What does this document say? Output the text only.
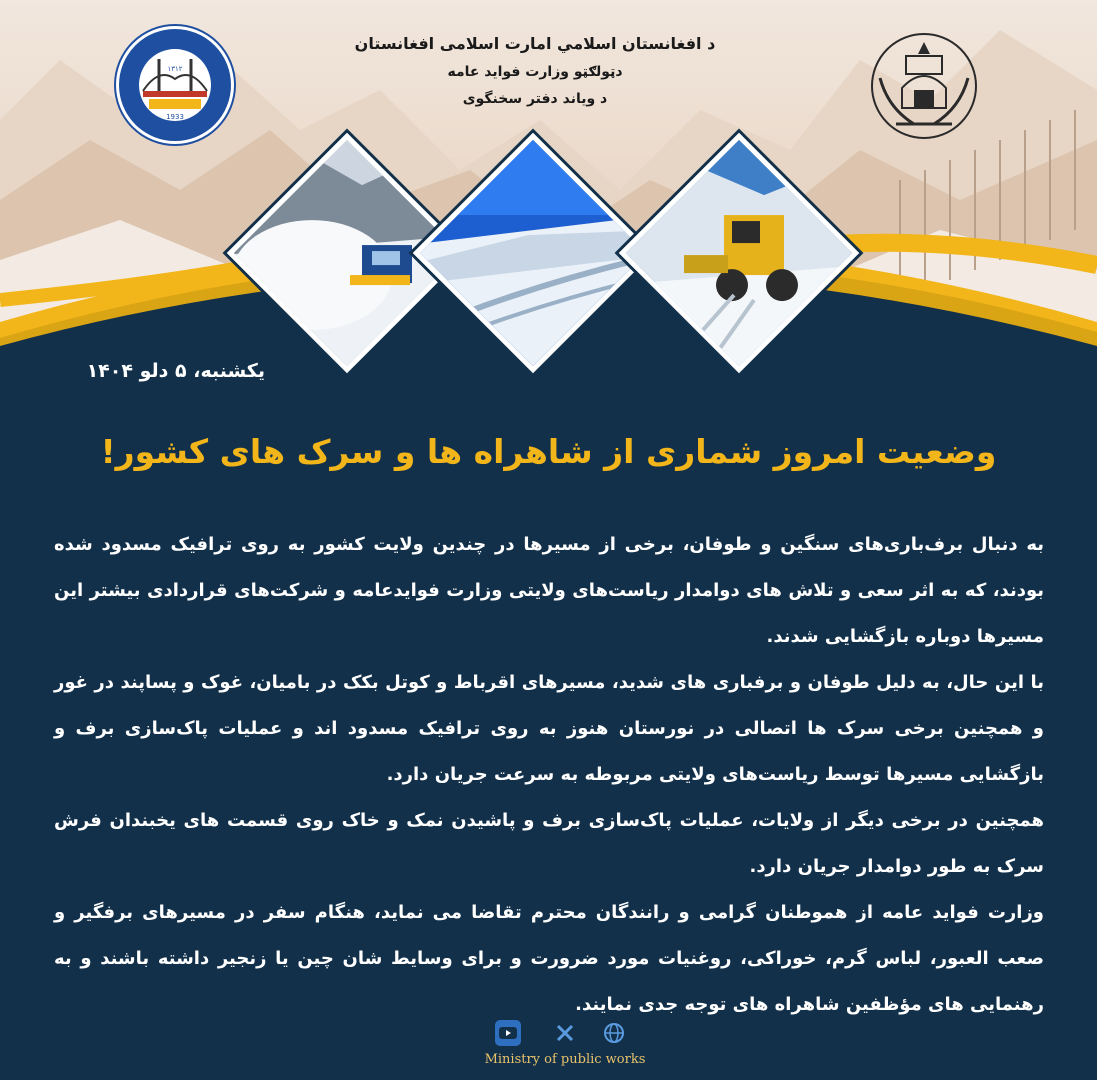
د افغانستان اسلامي امارت اسلامی افغانستان
دټولګټو وزارت فواید عامه
د ویاند دفتر سخنگوی
۱۳۱۲
1933
یکشنبه، ۵ دلو ۱۴۰۴
وضعیت امروز شماری از شاهراه ها و سرک های کشور!

به دنبال برف‌باری‌های سنگین و طوفان، برخی از مسیرها در چندین ولایت کشور به روی ترافیک مسدود شده بودند، که به اثر سعی و تلاش های دوامدار ریاست‌های ولایتی وزارت فوایدعامه و شرکت‌های قراردادی بیشتر این مسیرها دوباره بازگشایی شدند.

با این حال، به دلیل طوفان و برفباری های شدید، مسیرهای اقرباط و کوتل بکک در بامیان، غوک و پساپند در غور و همچنین برخی سرک ها اتصالی در نورستان هنوز به روی ترافیک مسدود اند و عملیات پاک‌سازی برف و بازگشایی مسیرها توسط ریاست‌های ولایتی مربوطه به سرعت جریان دارد.

همچنین در برخی دیگر از ولایات، عملیات پاک‌سازی برف و پاشیدن نمک و خاک روی قسمت های یخبندان فرش سرک به طور دوامدار جریان دارد.

وزارت فواید عامه از هموطنان گرامی و رانندگان محترم تقاضا می نماید، هنگام سفر در مسیرهای برفگیر و صعب العبور، لباس گرم، خوراکی، روغنیات مورد ضرورت و برای وسایط شان چین یا زنجیر داشته باشند و به رهنمایی های مؤظفین شاهراه های توجه جدی نمایند.

Ministry of public works
